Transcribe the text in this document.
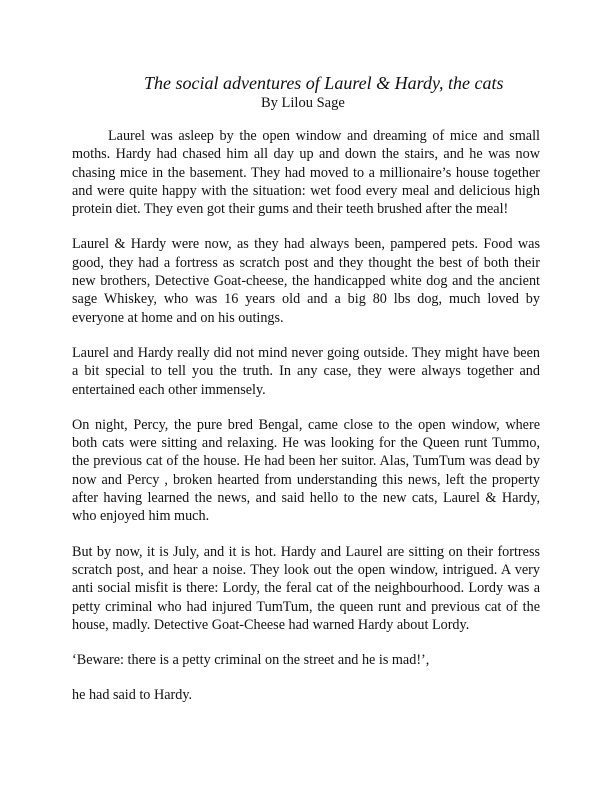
The social adventures of Laurel & Hardy, the cats
By Lilou Sage

Laurel was asleep by the open window and dreaming of mice and small moths. Hardy had chased him all day up and down the stairs, and he was now chasing mice in the basement. They had moved to a millionaire’s house together and were quite happy with the situation: wet food every meal and delicious high protein diet. They even got their gums and their teeth brushed after the meal!

Laurel & Hardy were now, as they had always been, pampered pets. Food was good, they had a fortress as scratch post and they thought the best of both their new brothers, Detective Goat-cheese, the handicapped white dog and the ancient sage Whiskey, who was 16 years old and a big 80 lbs dog, much loved by everyone at home and on his outings.

Laurel and Hardy really did not mind never going outside. They might have been a bit special to tell you the truth. In any case, they were always together and entertained each other immensely.

On night, Percy, the pure bred Bengal, came close to the open window, where both cats were sitting and relaxing. He was looking for the Queen runt Tummo, the previous cat of the house. He had been her suitor. Alas, TumTum was dead by now and Percy , broken hearted from understanding this news, left the property after having learned the news, and said hello to the new cats, Laurel & Hardy, who enjoyed him much.

But by now, it is July, and it is hot. Hardy and Laurel are sitting on their fortress scratch post, and hear a noise. They look out the open window, intrigued. A very anti social misfit is there: Lordy, the feral cat of the neighbourhood. Lordy was a petty criminal who had injured TumTum, the queen runt and previous cat of the house, madly. Detective Goat-Cheese had warned Hardy about Lordy.

‘Beware: there is a petty criminal on the street and he is mad!’,

he had said to Hardy.
